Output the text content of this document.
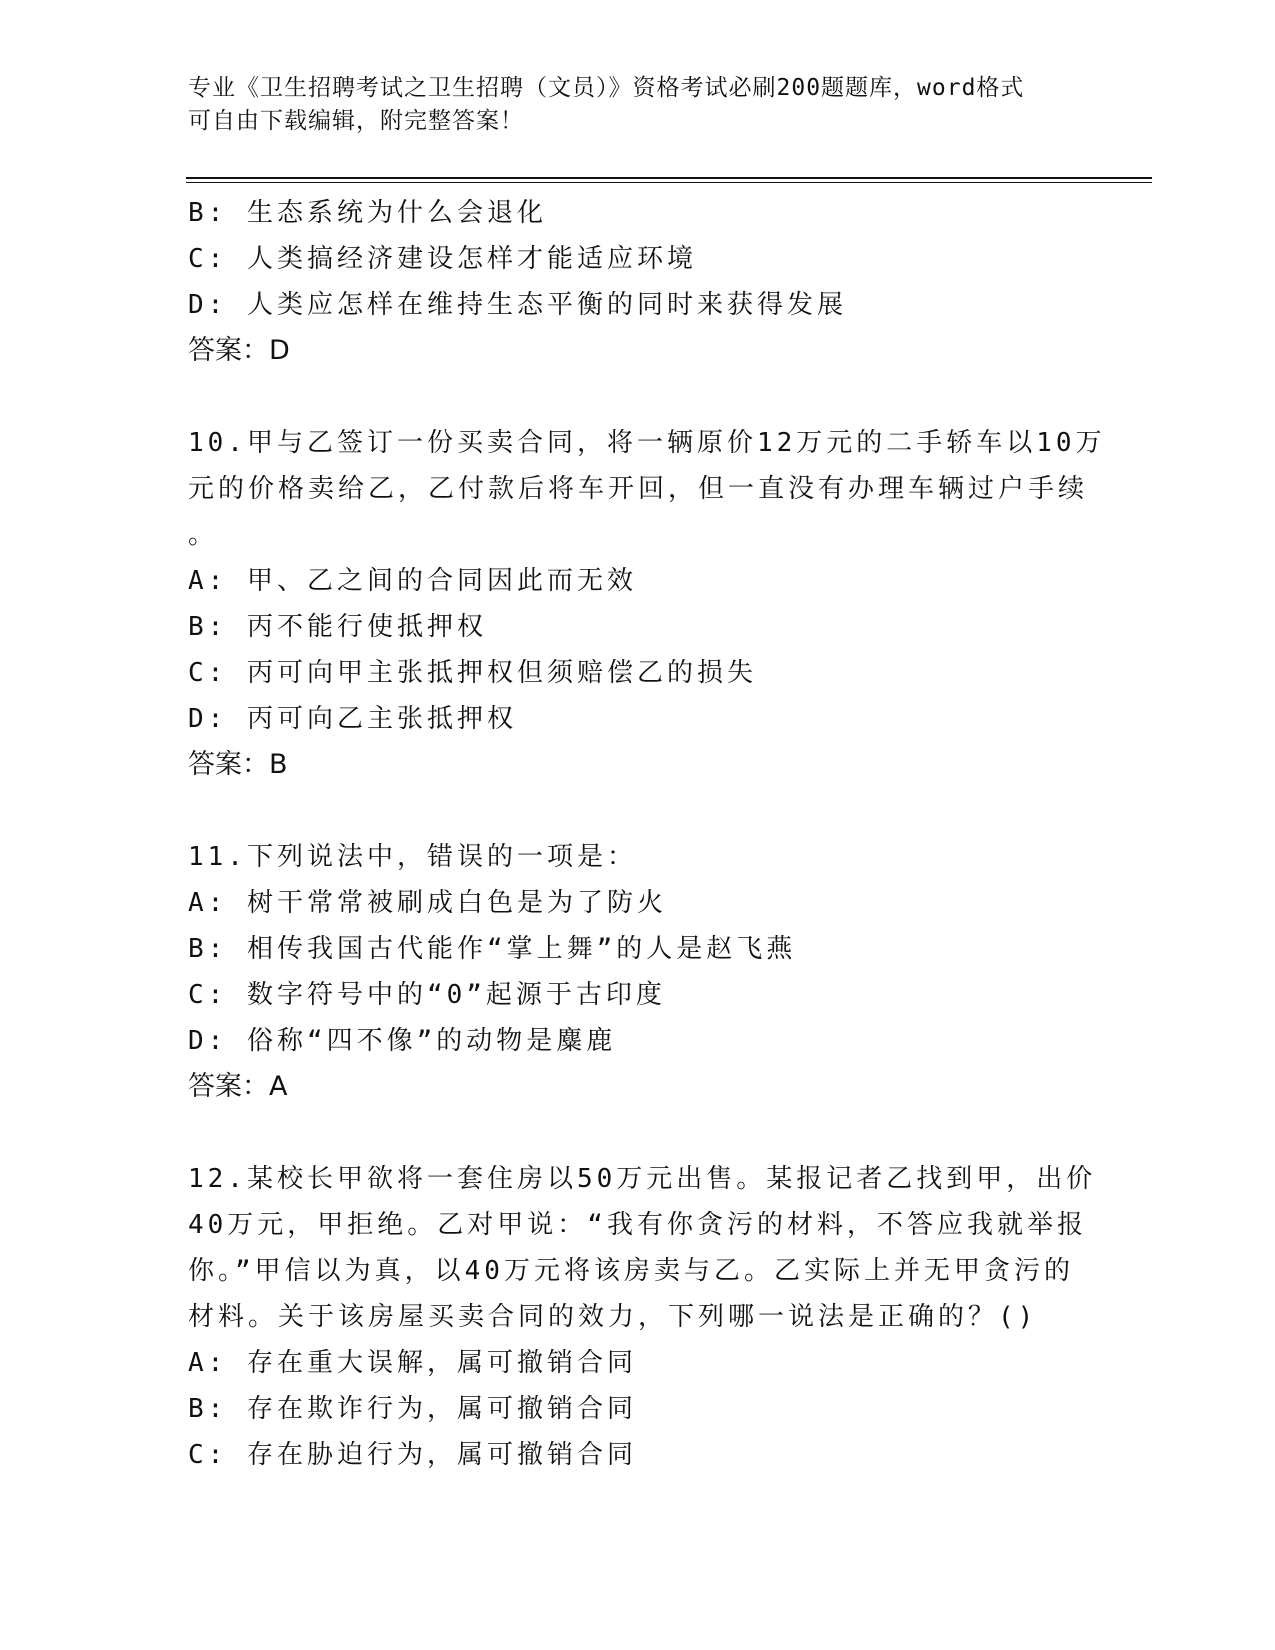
专业《卫生招聘考试之卫生招聘（文员）》资格考试必刷200题题库，word格式
可自由下载编辑，附完整答案！
B: 生态系统为什么会退化
C: 人类搞经济建设怎样才能适应环境
D: 人类应怎样在维持生态平衡的同时来获得发展
答案：D
10.甲与乙签订一份买卖合同，将一辆原价12万元的二手轿车以10万
元的价格卖给乙，乙付款后将车开回，但一直没有办理车辆过户手续
。
A: 甲、乙之间的合同因此而无效
B: 丙不能行使抵押权
C: 丙可向甲主张抵押权但须赔偿乙的损失
D: 丙可向乙主张抵押权
答案：B
11.下列说法中，错误的一项是：
A: 树干常常被刷成白色是为了防火
B: 相传我国古代能作“掌上舞”的人是赵飞燕
C: 数字符号中的“0”起源于古印度
D: 俗称“四不像”的动物是麋鹿
答案：A
12.某校长甲欲将一套住房以50万元出售。某报记者乙找到甲，出价
40万元，甲拒绝。乙对甲说：“我有你贪污的材料，不答应我就举报
你。”甲信以为真，以40万元将该房卖与乙。乙实际上并无甲贪污的
材料。关于该房屋买卖合同的效力，下列哪一说法是正确的？()
A: 存在重大误解，属可撤销合同
B: 存在欺诈行为，属可撤销合同
C: 存在胁迫行为，属可撤销合同
